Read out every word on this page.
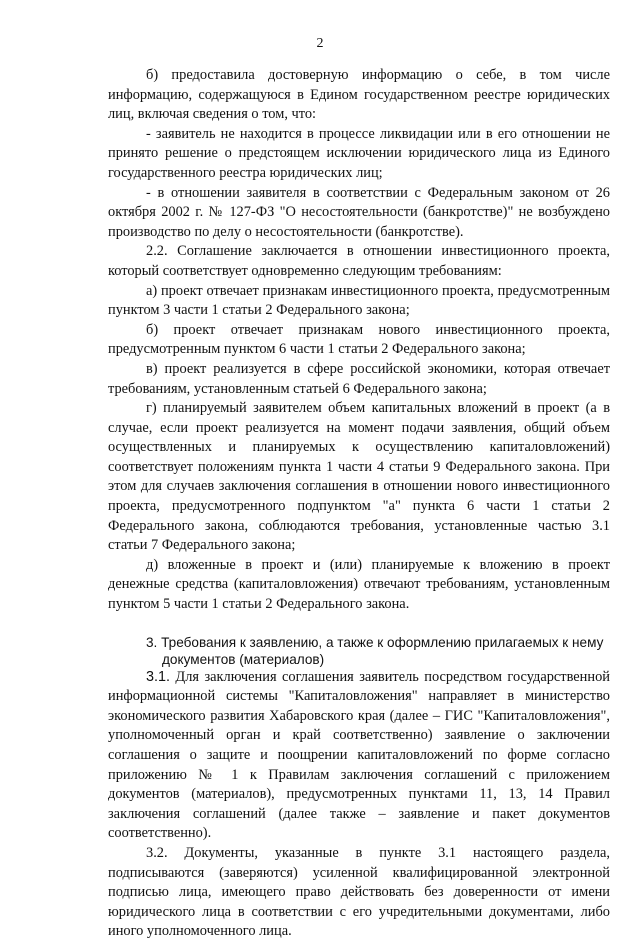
2

б) предоставила достоверную информацию о себе, в том числе информацию, содержащуюся в Едином государственном реестре юридических лиц, включая сведения о том, что:

- заявитель не находится в процессе ликвидации или в его отношении не принято решение о предстоящем исключении юридического лица из Единого государственного реестра юридических лиц;

- в отношении заявителя в соответствии с Федеральным законом от 26 октября 2002 г. № 127-ФЗ "О несостоятельности (банкротстве)" не возбуждено производство по делу о несостоятельности (банкротстве).

2.2. Соглашение заключается в отношении инвестиционного проекта, который соответствует одновременно следующим требованиям:

а) проект отвечает признакам инвестиционного проекта, предусмотренным пунктом 3 части 1 статьи 2 Федерального закона;

б) проект отвечает признакам нового инвестиционного проекта, предусмотренным пунктом 6 части 1 статьи 2 Федерального закона;

в) проект реализуется в сфере российской экономики, которая отвечает требованиям, установленным статьей 6 Федерального закона;

г) планируемый заявителем объем капитальных вложений в проект (а в случае, если проект реализуется на момент подачи заявления, общий объем осуществленных и планируемых к осуществлению капиталовложений) соответствует положениям пункта 1 части 4 статьи 9 Федерального закона. При этом для случаев заключения соглашения в отношении нового инвестиционного проекта, предусмотренного подпунктом "а" пункта 6 части 1 статьи 2 Федерального закона, соблюдаются требования, установленные частью 3.1 статьи 7 Федерального закона;

д) вложенные в проект и (или) планируемые к вложению в проект денежные средства (капиталовложения) отвечают требованиям, установленным пунктом 5 части 1 статьи 2 Федерального закона.

3. Требования к заявлению, а также к оформлению прилагаемых к нему
документов (материалов)

3.1. Для заключения соглашения заявитель посредством государственной информационной системы "Капиталовложения" направляет в министерство экономического развития Хабаровского края (далее – ГИС "Капиталовложения", уполномоченный орган и край соответственно) заявление о заключении соглашения о защите и поощрении капиталовложений по форме согласно приложению № 1 к Правилам заключения соглашений с приложением документов (материалов), предусмотренных пунктами 11, 13, 14 Правил заключения соглашений (далее также – заявление и пакет документов соответственно).

3.2. Документы, указанные в пункте 3.1 настоящего раздела, подписываются (заверяются) усиленной квалифицированной электронной подписью лица, имеющего право действовать без доверенности от имени юридического лица в соответствии с его учредительными документами, либо иного уполномоченного лица.
